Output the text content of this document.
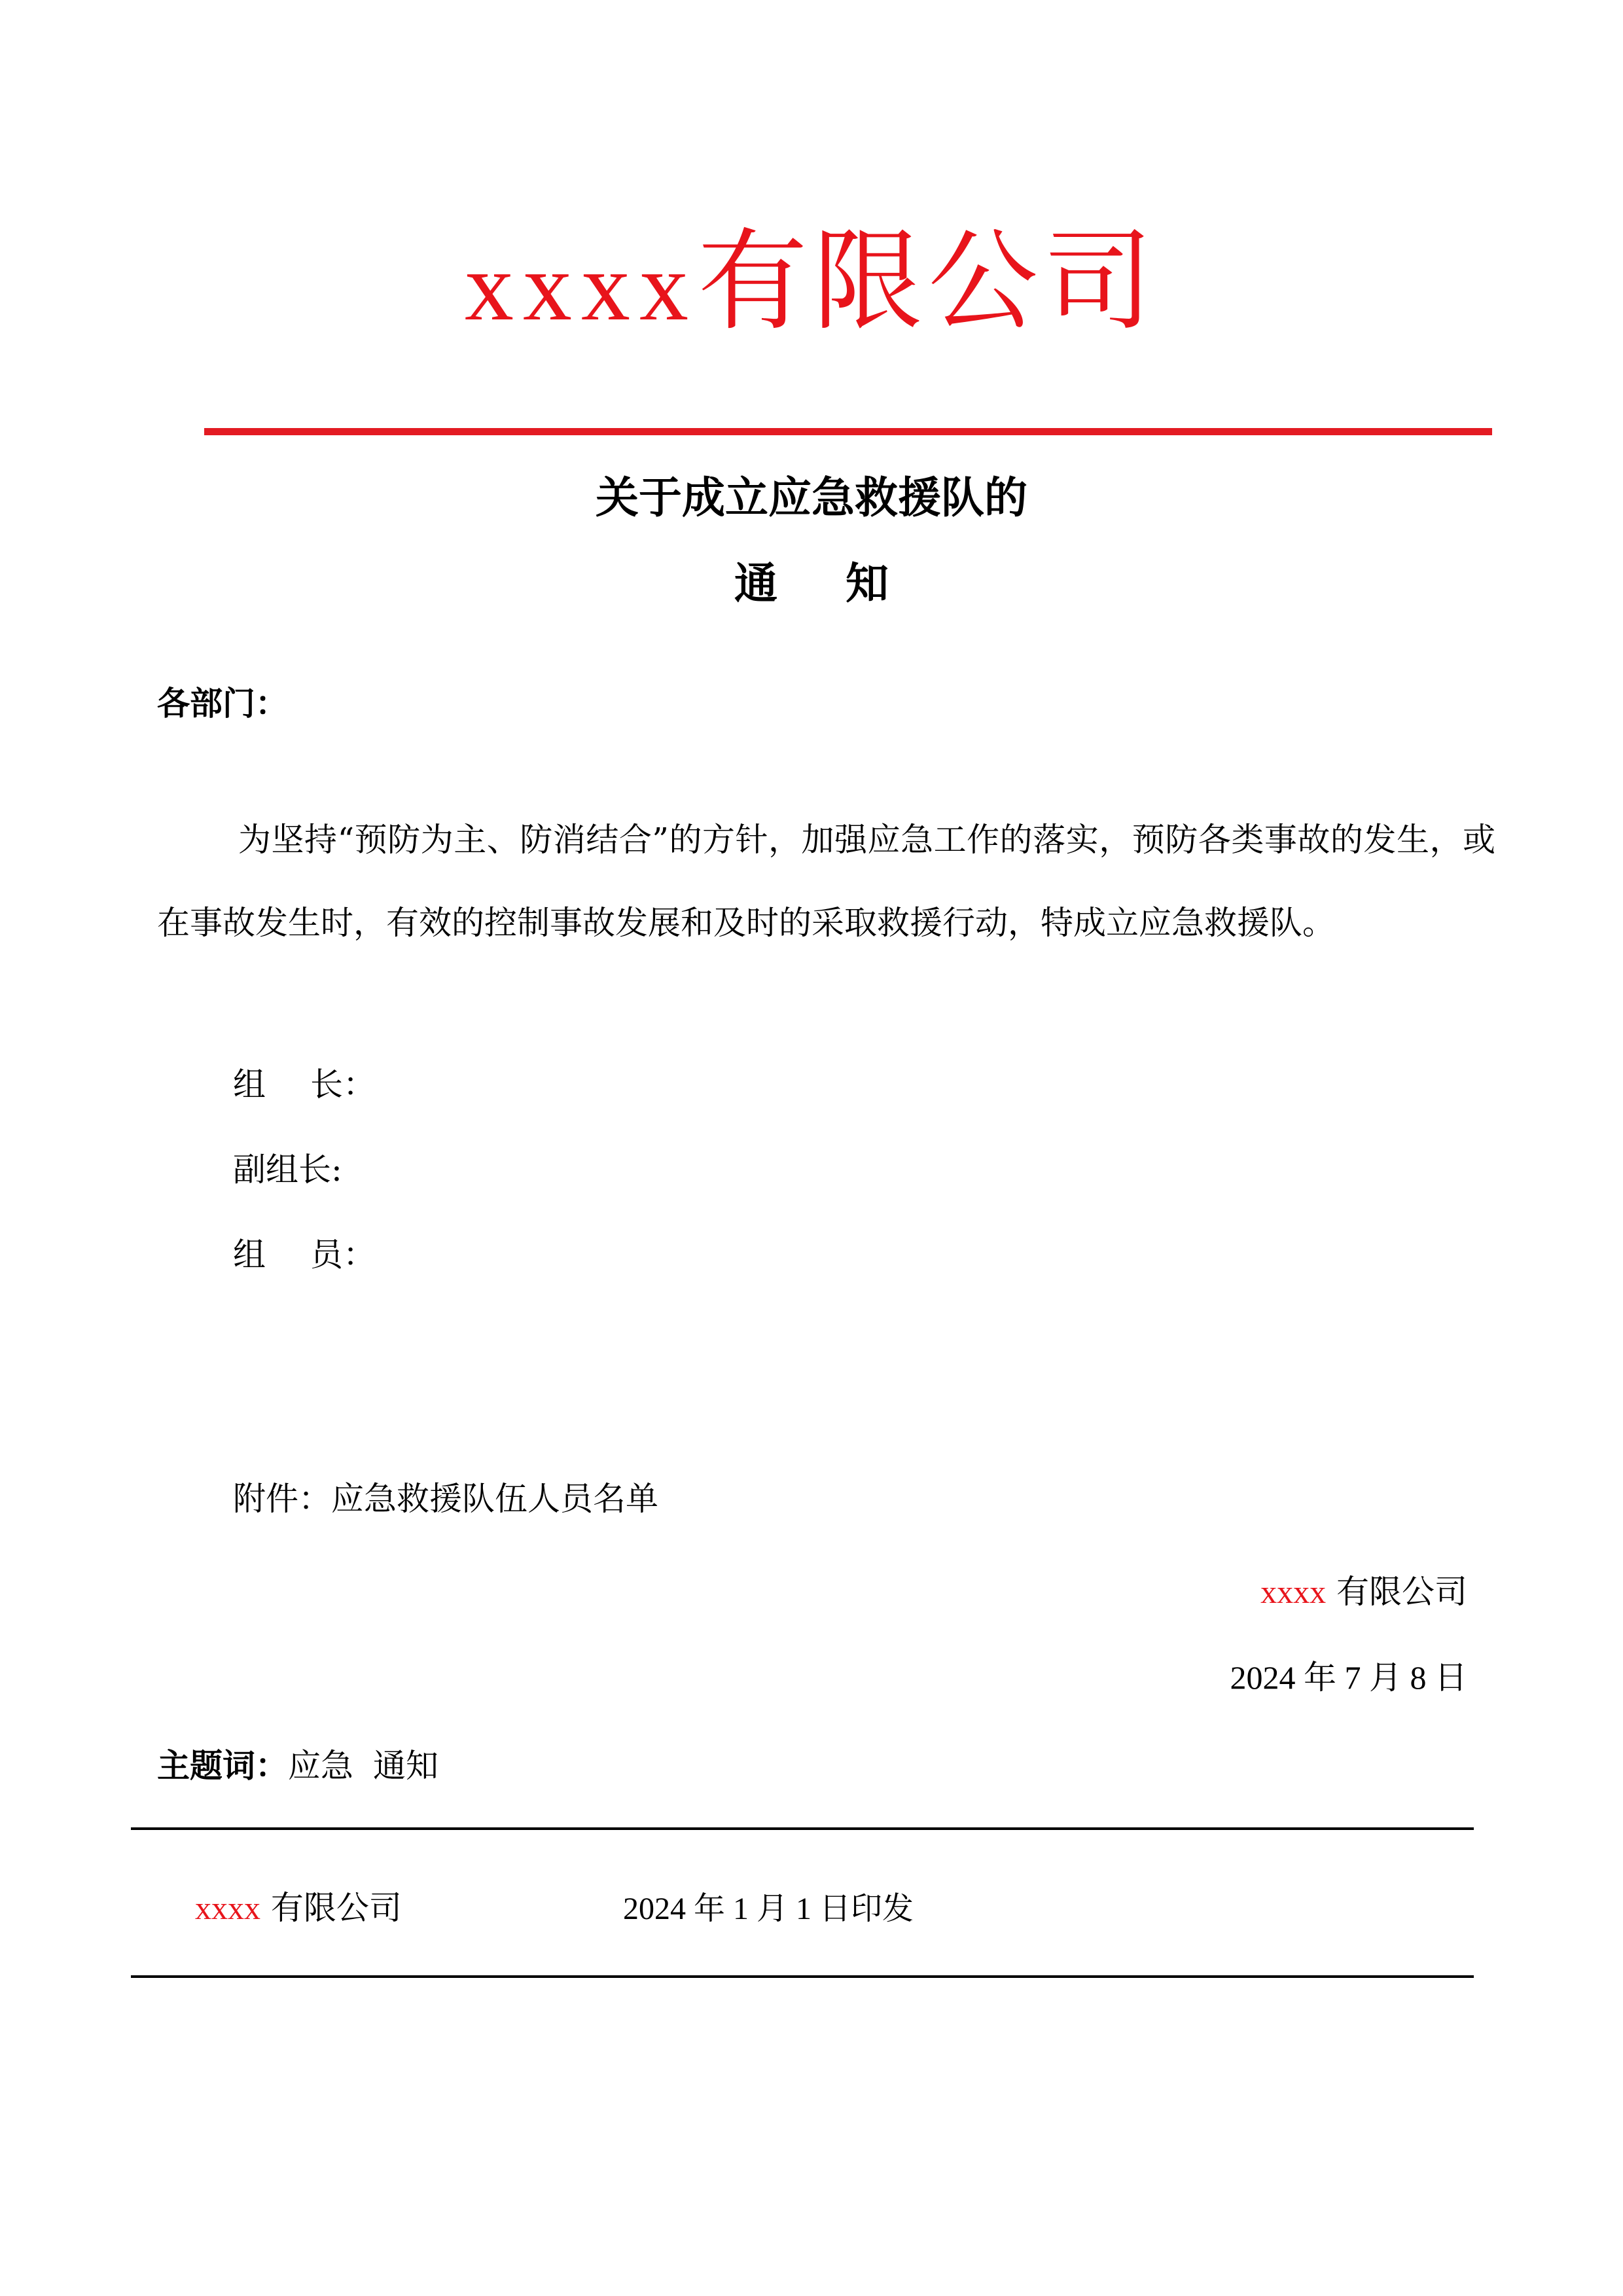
xxxx有限公司
关于成立应急救援队的
通 知
各部门：
为坚持“预防为主、防消结合”的方针，加强应急工作的落实，预防各类事故的发生，或在事故发生时，有效的控制事故发展和及时的采取救援行动，特成立应急救援队。
组 长：
副组长:
组 员：
附件：应急救援队伍人员名单
xxxx 有限公司
2024 年 7 月 8 日
主题词：应急 通知
xxxx 有限公司	2024 年 1 月 1 日印发
